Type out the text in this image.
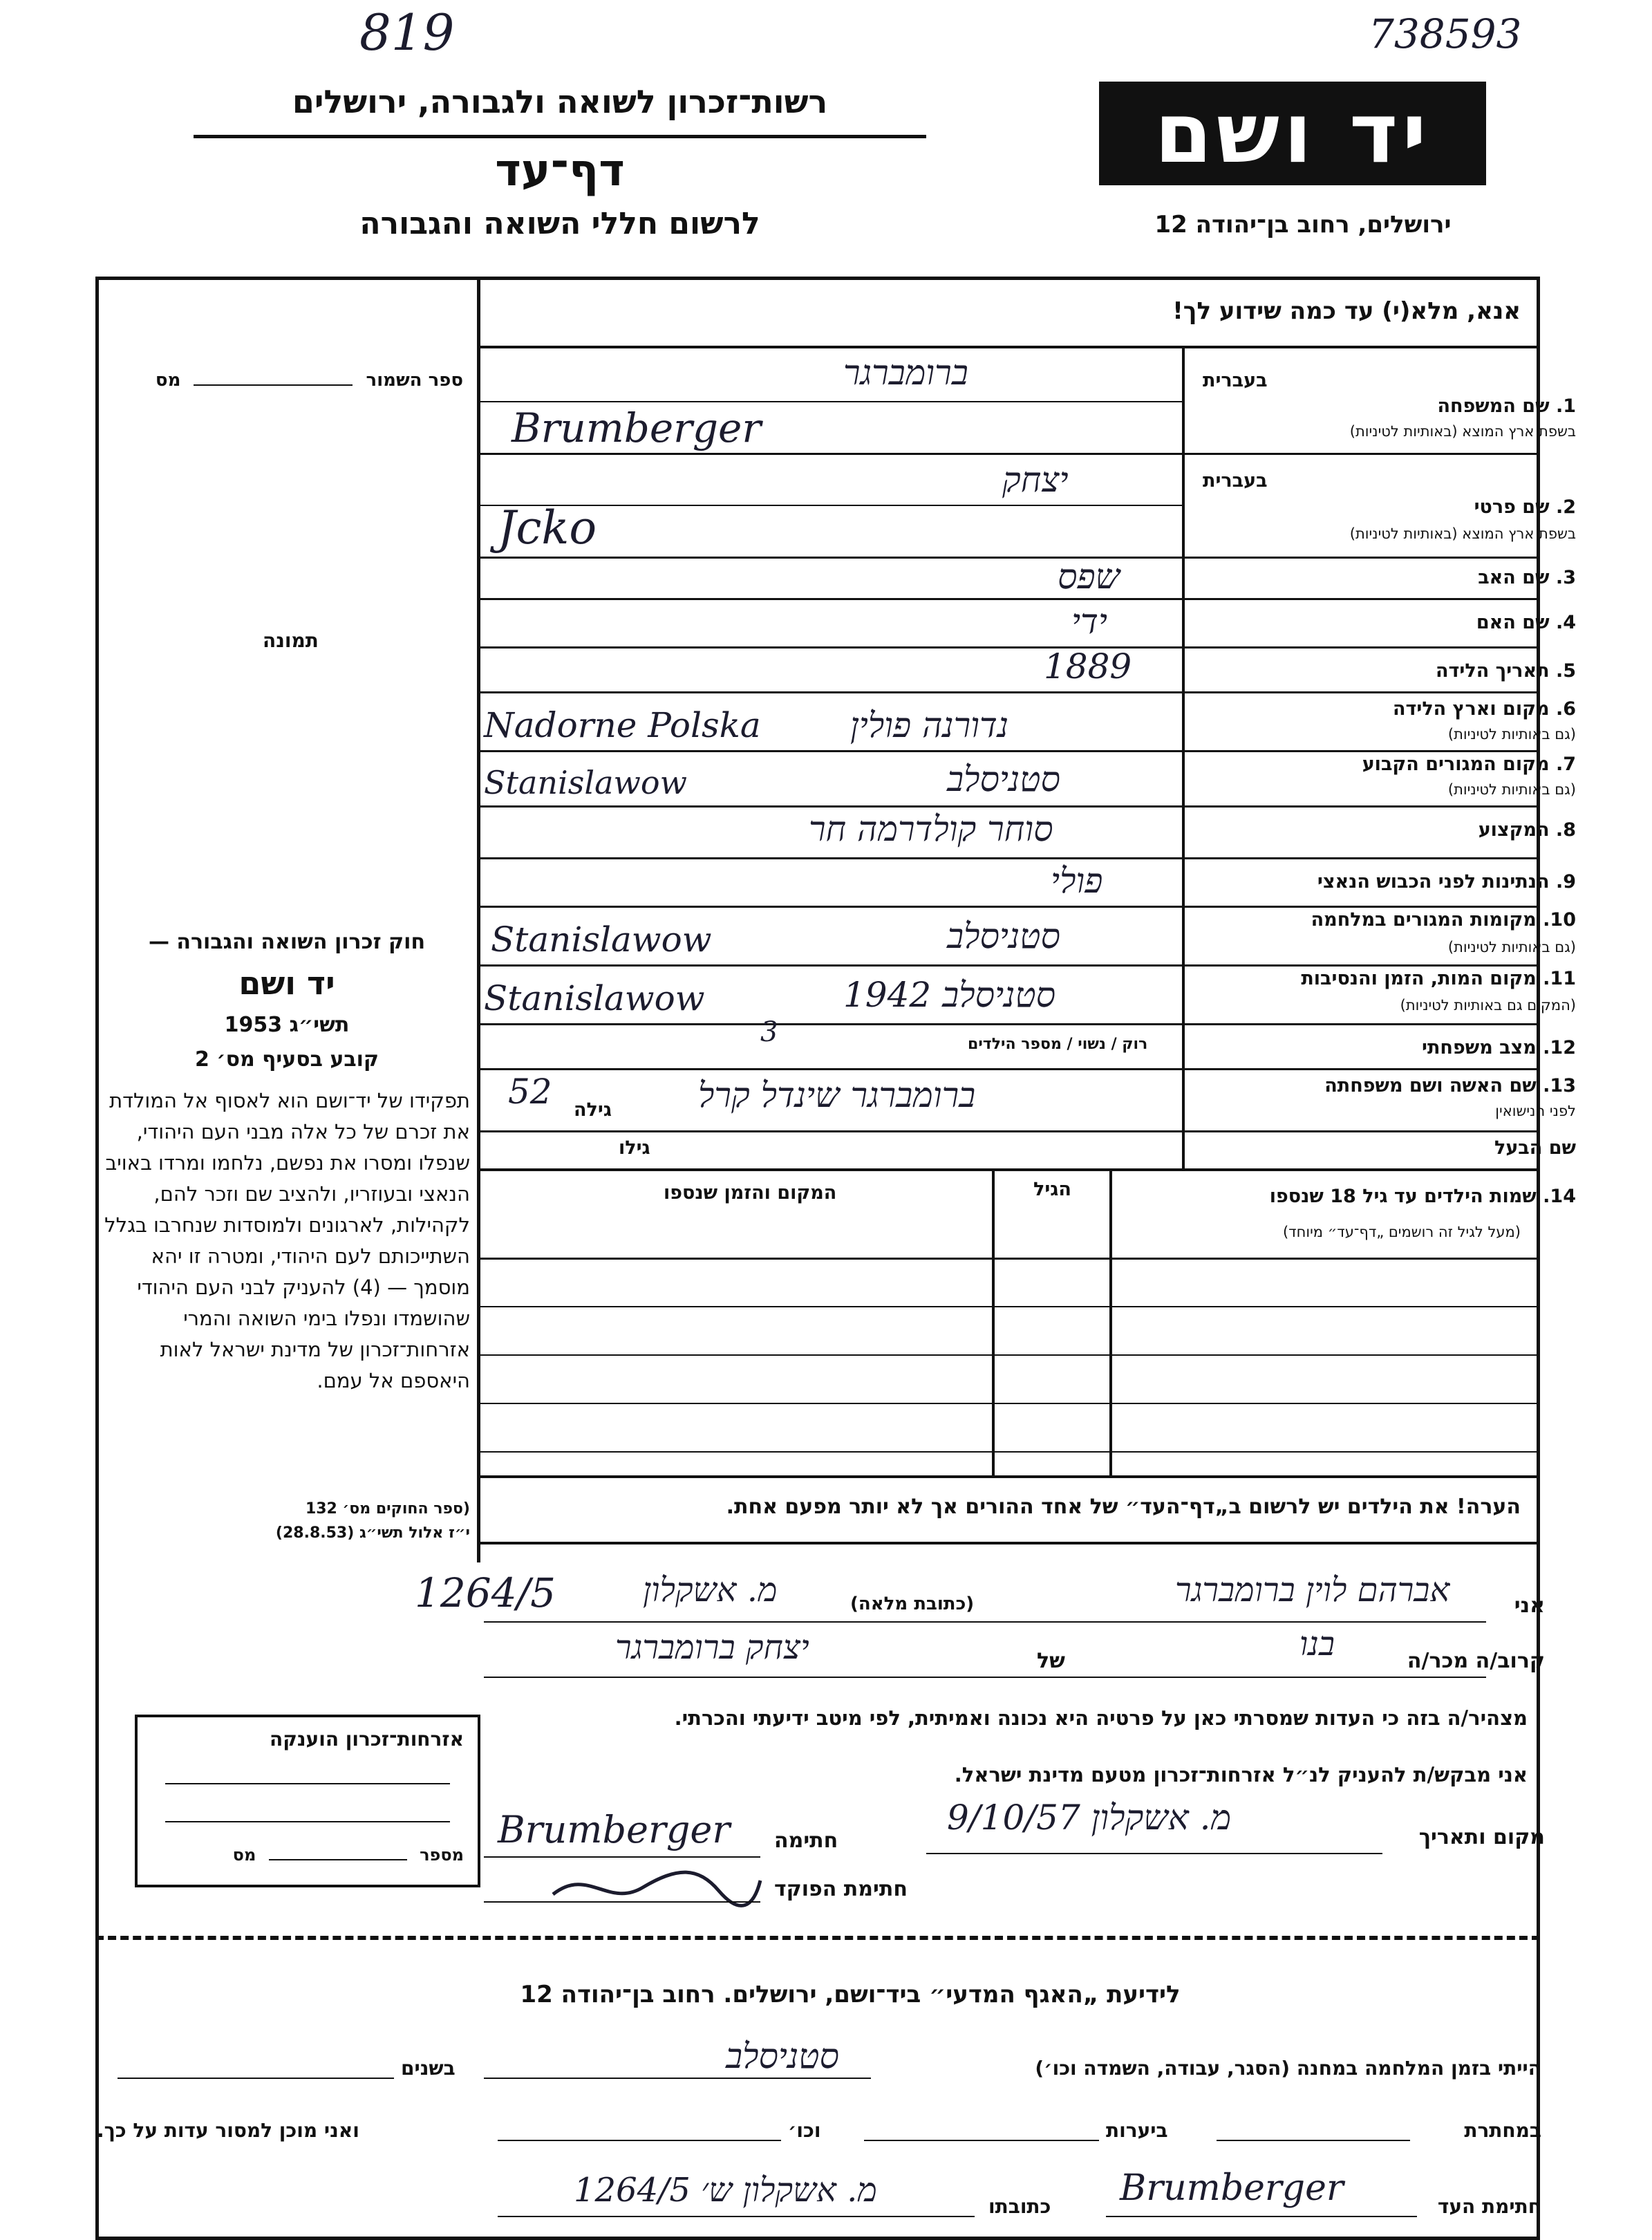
819	738593
רשות־זכרון לשואה ולגבורה, ירושלים
דף־עד
לרשום חללי השואה והגבורה
יד ושם
ירושלים, רחוב בן־יהודה 12
אנא, מלא(י) עד כמה שידוע לך!
ספר השמור  מס
תמונה
חוק זכרון השואה והגבורה —
יד ושם
תשי״ג 1953
קובע בסעיף מס׳ 2
תפקידו של יד־ושם הוא לאסוף אל המולדת את זכרם של כל אלה מבני העם היהודי, שנפלו ומסרו את נפשם, נלחמו ומרדו באויב הנאצי ובעוזריו, ולהציב שם וזכר להם, לקהילות, לארגונים ולמוסדות שנחרבו בגלל השתייכותם לעם היהודי, ומטרה זו יהא מוסמך — (4) להעניק לבני העם היהודי שהושמדו ונפלו בימי השואה והמרי אזרחות־זכרון של מדינת ישראל לאות היאספם אל עמם.
(ספר החוקים מס׳ 132
י״ז אלול תשי״ג (28.8.53)
אזרחות־זכרון הוענקה
מספר  מס
בעברית
1. שם המשפחה
בשפת ארץ המוצא (באותיות לטיניות)
ברומברגר
Brumberger
בעברית
2. שם פרטי
בשפת ארץ המוצא (באותיות לטיניות)
יצחק
Jcko
3. שם האב
שפס
4. שם האם
ידי
5. תאריך הלידה
1889
6. מקום וארץ הלידה
(גם באותיות לטיניות)
נדורנה פולין
Nadorne Polska
7. מקום המגורים הקבוע
(גם באותיות לטיניות)
סטניסלב
Stanislawow
8. המקצוע
סוחר קולדרמה חר
9. הנתינות לפני הכבוש הנאצי
פולי
10. מקומות המגורים במלחמה
(גם באותיות לטיניות)
סטניסלב
Stanislawow
11. מקום המות, הזמן והנסיבות
(המקום גם באותיות לטיניות)
סטניסלב 1942
Stanislawow
12. מצב משפחתי
רוק / נשוי / מספר הילדים
3
13. שם האשה ושם משפחתה
לפני הנישואין
ברומברגר שינדל קרל
גילה
52
שם הבעל
גילו
14. שמות הילדים עד גיל 18 שנספו
(מעל לגיל זה רושמים „דף־עד״ מיוחד)
הגיל
המקום והזמן שנספו
הערה! את הילדים יש לרשום ב„דף־העד״ של אחד ההורים אך לא יותר מפעם אחת.
אני
אברהם לוין ברומברגר
(כתובת מלאה)
מ. אשקלון
1264/5
קרוב/ה מכר/ה
בנו
של
יצחק ברומברגר
מצהיר/ה בזה כי העדות שמסרתי כאן על פרטיה היא נכונה ואמיתית, לפי מיטב ידיעתי והכרתי.
אני מבקש/ת להעניק לנ״ל אזרחות־זכרון מטעם מדינת ישראל.
מקום ותאריך
מ. אשקלון 9/10/57
חתימה
Brumberger
חתימת הפוקד
לידיעת „האגף המדעי״ ביד־ושם, ירושלים. רחוב בן־יהודה 12
הייתי בזמן המלחמה במחנה (הסגר, עבודה, השמדה וכו׳)
סטניסלב
בשנים
במחתרת
ביערות
וכו׳
ואני מוכן למסור עדות על כך.
חתימת העד
Brumberger
כתובתו
מ. אשקלון ש׳ 1264/5
